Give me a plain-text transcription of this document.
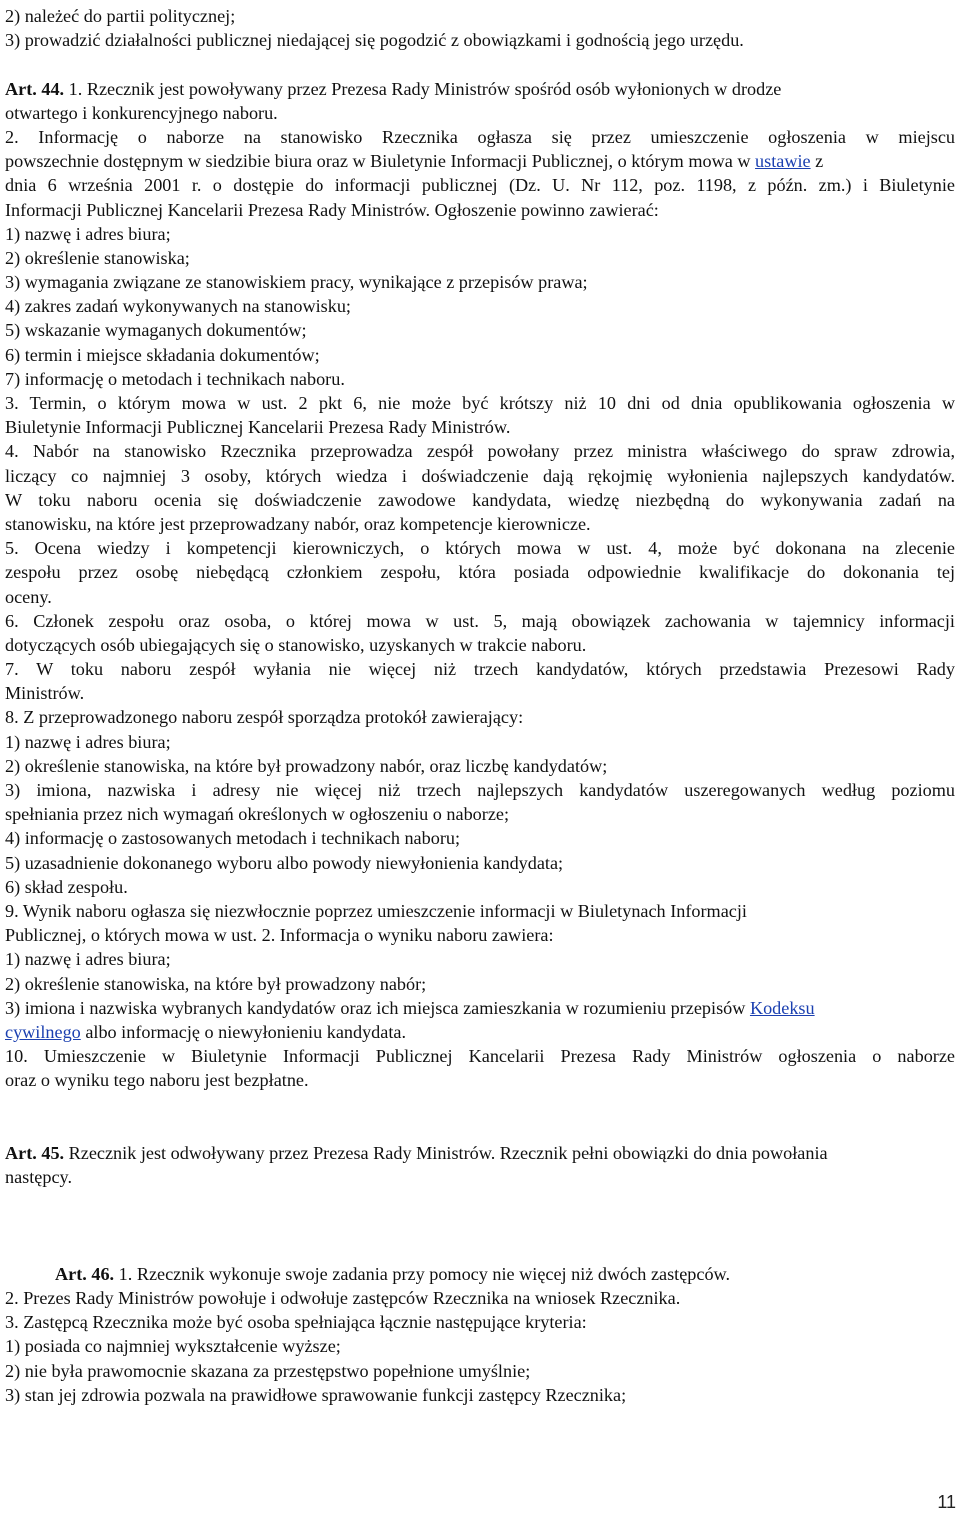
2) należeć do partii politycznej;
3) prowadzić działalności publicznej niedającej się pogodzić z obowiązkami i godnością jego urzędu.
Art. 44. 1. Rzecznik jest powoływany przez Prezesa Rady Ministrów spośród osób wyłonionych w drodze
otwartego i konkurencyjnego naboru.
2. Informację o naborze na stanowisko Rzecznika ogłasza się przez umieszczenie ogłoszenia w miejscu
powszechnie dostępnym w siedzibie biura oraz w Biuletynie Informacji Publicznej, o którym mowa w ustawie z
dnia 6 września 2001 r. o dostępie do informacji publicznej (Dz. U. Nr 112, poz. 1198, z późn. zm.) i Biuletynie
Informacji Publicznej Kancelarii Prezesa Rady Ministrów. Ogłoszenie powinno zawierać:
1) nazwę i adres biura;
2) określenie stanowiska;
3) wymagania związane ze stanowiskiem pracy, wynikające z przepisów prawa;
4) zakres zadań wykonywanych na stanowisku;
5) wskazanie wymaganych dokumentów;
6) termin i miejsce składania dokumentów;
7) informację o metodach i technikach naboru.
3. Termin, o którym mowa w ust. 2 pkt 6, nie może być krótszy niż 10 dni od dnia opublikowania ogłoszenia w
Biuletynie Informacji Publicznej Kancelarii Prezesa Rady Ministrów.
4. Nabór na stanowisko Rzecznika przeprowadza zespół powołany przez ministra właściwego do spraw zdrowia,
liczący co najmniej 3 osoby, których wiedza i doświadczenie dają rękojmię wyłonienia najlepszych kandydatów.
W toku naboru ocenia się doświadczenie zawodowe kandydata, wiedzę niezbędną do wykonywania zadań na
stanowisku, na które jest przeprowadzany nabór, oraz kompetencje kierownicze.
5. Ocena wiedzy i kompetencji kierowniczych, o których mowa w ust. 4, może być dokonana na zlecenie
zespołu przez osobę niebędącą członkiem zespołu, która posiada odpowiednie kwalifikacje do dokonania tej
oceny.
6. Członek zespołu oraz osoba, o której mowa w ust. 5, mają obowiązek zachowania w tajemnicy informacji
dotyczących osób ubiegających się o stanowisko, uzyskanych w trakcie naboru.
7. W toku naboru zespół wyłania nie więcej niż trzech kandydatów, których przedstawia Prezesowi Rady
Ministrów.
8. Z przeprowadzonego naboru zespół sporządza protokół zawierający:
1) nazwę i adres biura;
2) określenie stanowiska, na które był prowadzony nabór, oraz liczbę kandydatów;
3) imiona, nazwiska i adresy nie więcej niż trzech najlepszych kandydatów uszeregowanych według poziomu
spełniania przez nich wymagań określonych w ogłoszeniu o naborze;
4) informację o zastosowanych metodach i technikach naboru;
5) uzasadnienie dokonanego wyboru albo powody niewyłonienia kandydata;
6) skład zespołu.
9. Wynik naboru ogłasza się niezwłocznie poprzez umieszczenie informacji w Biuletynach Informacji
Publicznej, o których mowa w ust. 2. Informacja o wyniku naboru zawiera:
1) nazwę i adres biura;
2) określenie stanowiska, na które był prowadzony nabór;
3) imiona i nazwiska wybranych kandydatów oraz ich miejsca zamieszkania w rozumieniu przepisów Kodeksu
cywilnego albo informację o niewyłonieniu kandydata.
10. Umieszczenie w Biuletynie Informacji Publicznej Kancelarii Prezesa Rady Ministrów ogłoszenia o naborze
oraz o wyniku tego naboru jest bezpłatne.
Art. 45. Rzecznik jest odwoływany przez Prezesa Rady Ministrów. Rzecznik pełni obowiązki do dnia powołania
następcy.
Art. 46. 1. Rzecznik wykonuje swoje zadania przy pomocy nie więcej niż dwóch zastępców.
2. Prezes Rady Ministrów powołuje i odwołuje zastępców Rzecznika na wniosek Rzecznika.
3. Zastępcą Rzecznika może być osoba spełniająca łącznie następujące kryteria:
1) posiada co najmniej wykształcenie wyższe;
2) nie była prawomocnie skazana za przestępstwo popełnione umyślnie;
3) stan jej zdrowia pozwala na prawidłowe sprawowanie funkcji zastępcy Rzecznika;
11
